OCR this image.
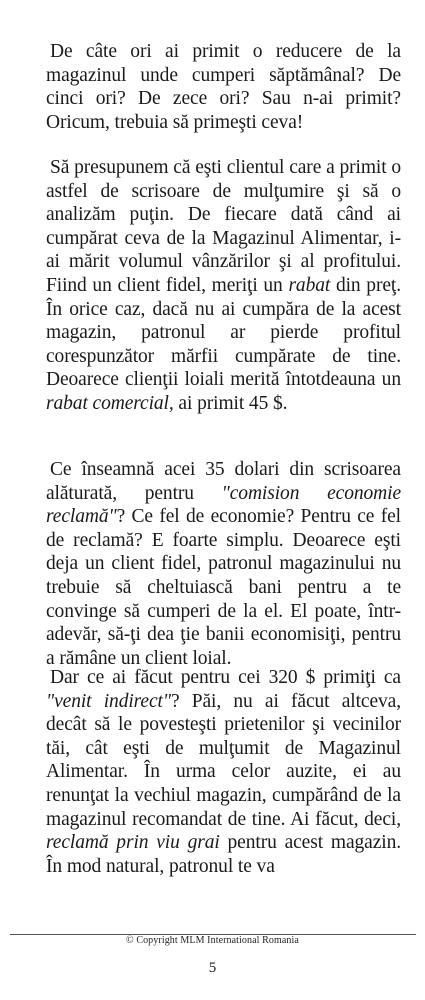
De câte ori ai primit o reducere de la magazinul unde cumperi săptămânal? De cinci ori? De zece ori? Sau n-ai primit? Oricum, trebuia să primeşti ceva!

Să presupunem că eşti clientul care a primit o astfel de scrisoare de mulţumire şi să o analizăm puţin. De fiecare dată când ai cumpărat ceva de la Magazinul Alimentar, i-ai mărit volumul vânzărilor şi al profitului. Fiind un client fidel, meriţi un rabat din preţ. În orice caz, dacă nu ai cumpăra de la acest magazin, patronul ar pierde profitul corespunzător mărfii cumpărate de tine. Deoarece clienţii loiali merită întotdeauna un rabat comercial, ai primit 45 $.

Ce înseamnă acei 35 dolari din scrisoarea alăturată, pentru "comision economie reclamă"? Ce fel de economie? Pentru ce fel de reclamă? E foarte simplu. Deoarece eşti deja un client fidel, patronul magazinului nu trebuie să cheltuiască bani pentru a te convinge să cumperi de la el. El poate, într-adevăr, să-ţi dea ţie banii economisiţi, pentru a rămâne un client loial.

Dar ce ai făcut pentru cei 320 $ primiţi ca "venit indirect"? Păi, nu ai făcut altceva, decât să le povesteşti prietenilor şi vecinilor tăi, cât eşti de mulţumit de Magazinul Alimentar. În urma celor auzite, ei au renunţat la vechiul magazin, cumpărând de la magazinul recomandat de tine. Ai făcut, deci, reclamă prin viu grai pentru acest magazin. În mod natural, patronul te va

© Copyright MLM International Romania
5
